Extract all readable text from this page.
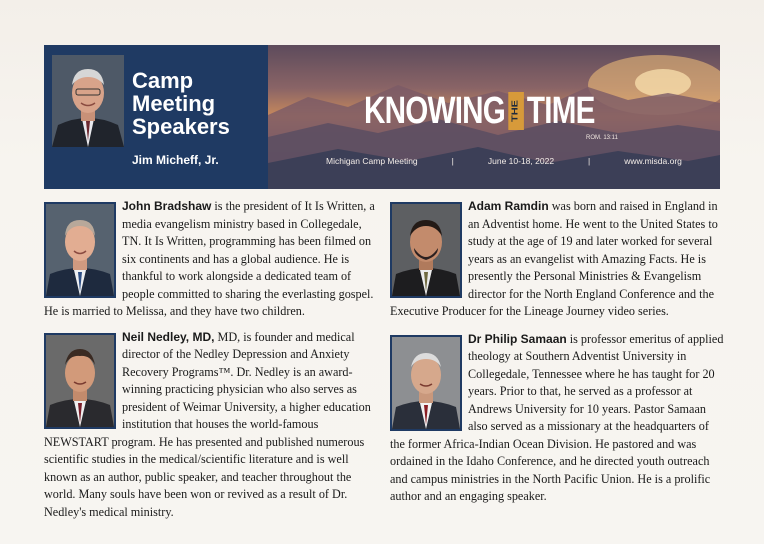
Camp
Meeting
Speakers
Jim Micheff, Jr.
KNOWING THE TIME
ROM. 13:11
Michigan Camp Meeting	|	June 10-18, 2022	|	www.misda.org
John Bradshaw is the president of It Is Written, a media evangelism ministry based in Collegedale, TN. It Is Written, programming has been filmed on six continents and has a global audience. He is thankful to work alongside a dedicated team of people committed to sharing the everlasting gospel. He is married to Melissa, and they have two children.
Neil Nedley, MD, MD, is founder and medical director of the Nedley Depression and Anxiety Recovery Programs™. Dr. Nedley is an award-winning practicing physician who also serves as president of Weimar University, a higher education institution that houses the world-famous NEWSTART program. He has presented and published numerous scientific studies in the medical/scientific literature and is well known as an author, public speaker, and teacher throughout the world. Many souls have been won or revived as a result of Dr. Nedley's medical ministry.
Adam Ramdin was born and raised in England in an Adventist home. He went to the United States to study at the age of 19 and later worked for several years as an evangelist with Amazing Facts. He is presently the Personal Ministries & Evangelism director for the North England Conference and the Executive Producer for the Lineage Journey video series.
Dr Philip Samaan is professor emeritus of applied theology at Southern Adventist University in Collegedale, Tennessee where he has taught for 20 years. Prior to that, he served as a professor at Andrews University for 10 years. Pastor Samaan also served as a missionary at the headquarters of the former Africa-Indian Ocean Division. He pastored and was ordained in the Idaho Conference, and he directed youth outreach and campus ministries in the North Pacific Union. He is a prolific author and an engaging speaker.
